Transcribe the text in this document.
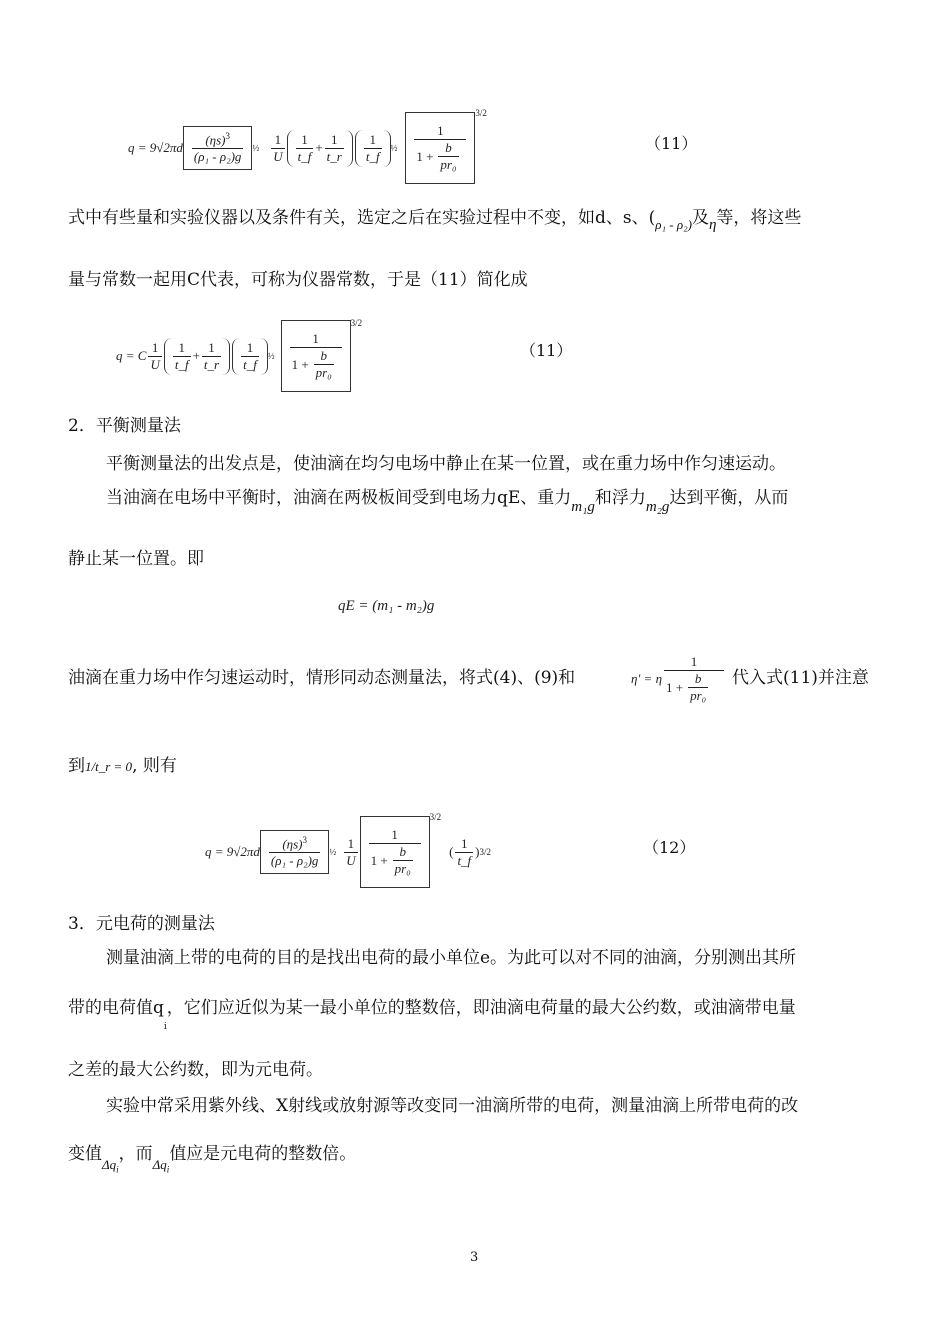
$q = 9√2\pi d \frac{(\eta s)^3}{\text{(ρ₁ - ρ₂)g}}$ ½ $\frac{1}{U} \frac{1}{t\_f} + \frac{1}{t\_r} \frac{1}{t\_f}$ ½ $\frac{1}{1 + \frac{b}{\text{pr₀}}}$
3/2
（11）
式中有些量和实验仪器以及条件有关，选定之后在实验过程中不变，如d、s、($_{\rho_1 - \rho_2)}$及η等，将这些
量与常数一起用C代表，可称为仪器常数，于是（11）简化成
q = C $\frac{1}{U} \frac{1}{t\_f} + \frac{1}{t\_r} \frac{1}{t\_f}$ ½ $\frac{1}{1 + \frac{b}{\text{pr₀}}}$
3/2
（11）
2．平衡测量法
平衡测量法的出发点是，使油滴在均匀电场中静止在某一位置，或在重力场中作匀速运动。
当油滴在电场中平衡时，油滴在两极板间受到电场力qE、重力m₁g和浮力m₂g达到平衡，从而
静止某一位置。即
qE = (m₁ - m₂)g
油滴在重力场中作匀速运动时，情形同动态测量法，将式(4)、(9)和	η′ = η $\frac{1}{1 + \frac{b}{\text{pr₀}}}$ 代入式(11)并注意
到1/t_r = 0, 则有
$q = 9√2\pi d \frac{(\eta s)^3}{\text{(ρ₁ - ρ₂)g}}$ ½ $\frac{1}{U} \frac{1}{1 + \frac{b}{\text{pr₀}}}$
3/2
( $\frac{1}{t\_f}$ ) 3/2	（12）
3．元电荷的测量法
测量油滴上带的电荷的目的是找出电荷的最小单位e。为此可以对不同的油滴，分别测出其所
带的电荷值$q_i$，它们应近似为某一最小单位的整数倍，即油滴电荷量的最大公约数，或油滴带电量
之差的最大公约数，即为元电荷。
实验中常采用紫外线、X射线或放射源等改变同一油滴所带的电荷，测量油滴上所带电荷的改
变值$_{\Delta q_i}$，而$_{\Delta q_i}$值应是元电荷的整数倍。
3
